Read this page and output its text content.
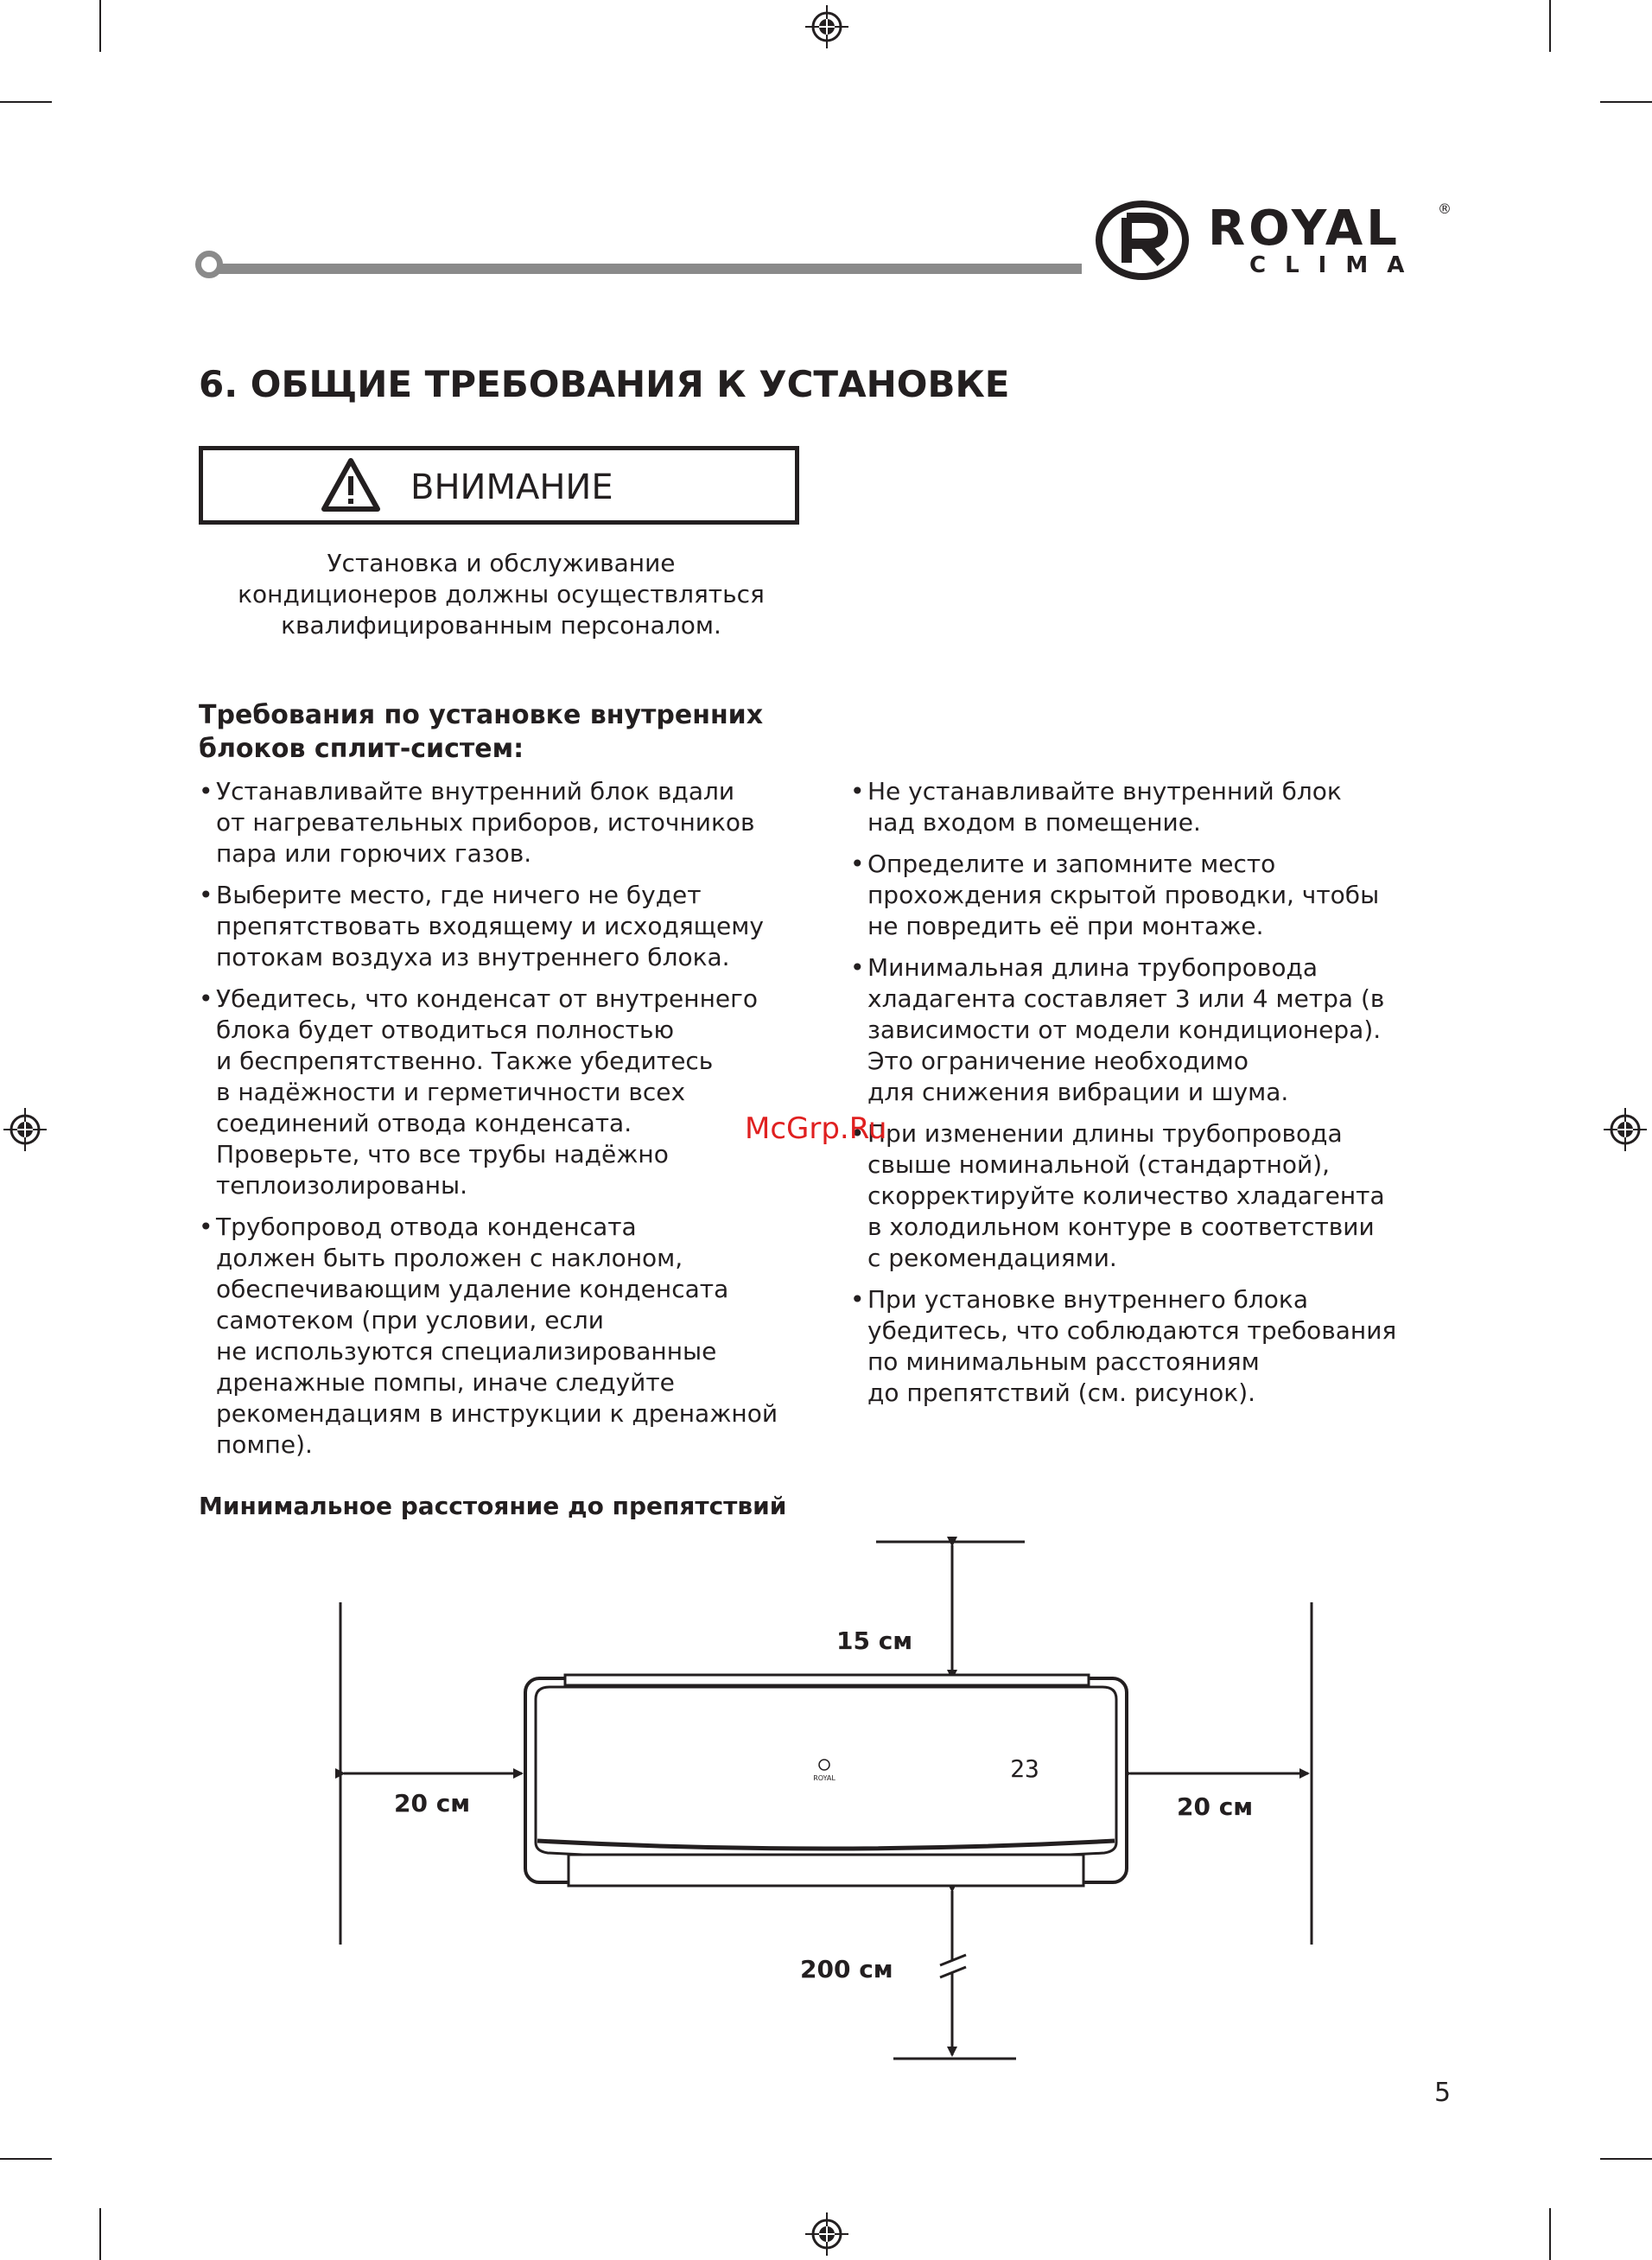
ROYAL	®
CLIMA
6. ОБЩИЕ ТРЕБОВАНИЯ К УСТАНОВКЕ
ВНИМАНИЕ
Установка и обслуживание
кондиционеров должны осуществляться
квалифицированным персоналом.
Требования по установке внутренних
блоков сплит-систем:
• Устанавливайте внутренний блок вдали
от нагревательных приборов, источников
пара или горючих газов.
• Выберите место, где ничего не будет
препятствовать входящему и исходящему
потокам воздуха из внутреннего блока.
• Убедитесь, что конденсат от внутреннего
блока будет отводиться полностью
и беспрепятственно. Также убедитесь
в надёжности и герметичности всех
соединений отвода конденсата.
Проверьте, что все трубы надёжно
теплоизолированы.
• Трубопровод отвода конденсата
должен быть проложен с наклоном,
обеспечивающим удаление конденсата
самотеком (при условии, если
не используются специализированные
дренажные помпы, иначе следуйте
рекомендациям в инструкции к дренажной
помпе).
• Не устанавливайте внутренний блок
над входом в помещение.
• Определите и запомните место
прохождения скрытой проводки, чтобы
не повредить её при монтаже.
• Минимальная длина трубопровода
хладагента составляет 3 или 4 метра (в
зависимости от модели кондиционера).
Это ограничение необходимо
для снижения вибрации и шума.
• При изменении длины трубопровода
свыше номинальной (стандартной),
скорректируйте количество хладагента
в холодильном контуре в соответствии
с рекомендациями.
• При установке внутреннего блока
убедитесь, что соблюдаются требования
по минимальным расстояниям
до препятствий (см. рисунок).
McGrp.Ru
Минимальное расстояние до препятствий
ROYAL	23
15 см
20 см	20 см
200 см
5
